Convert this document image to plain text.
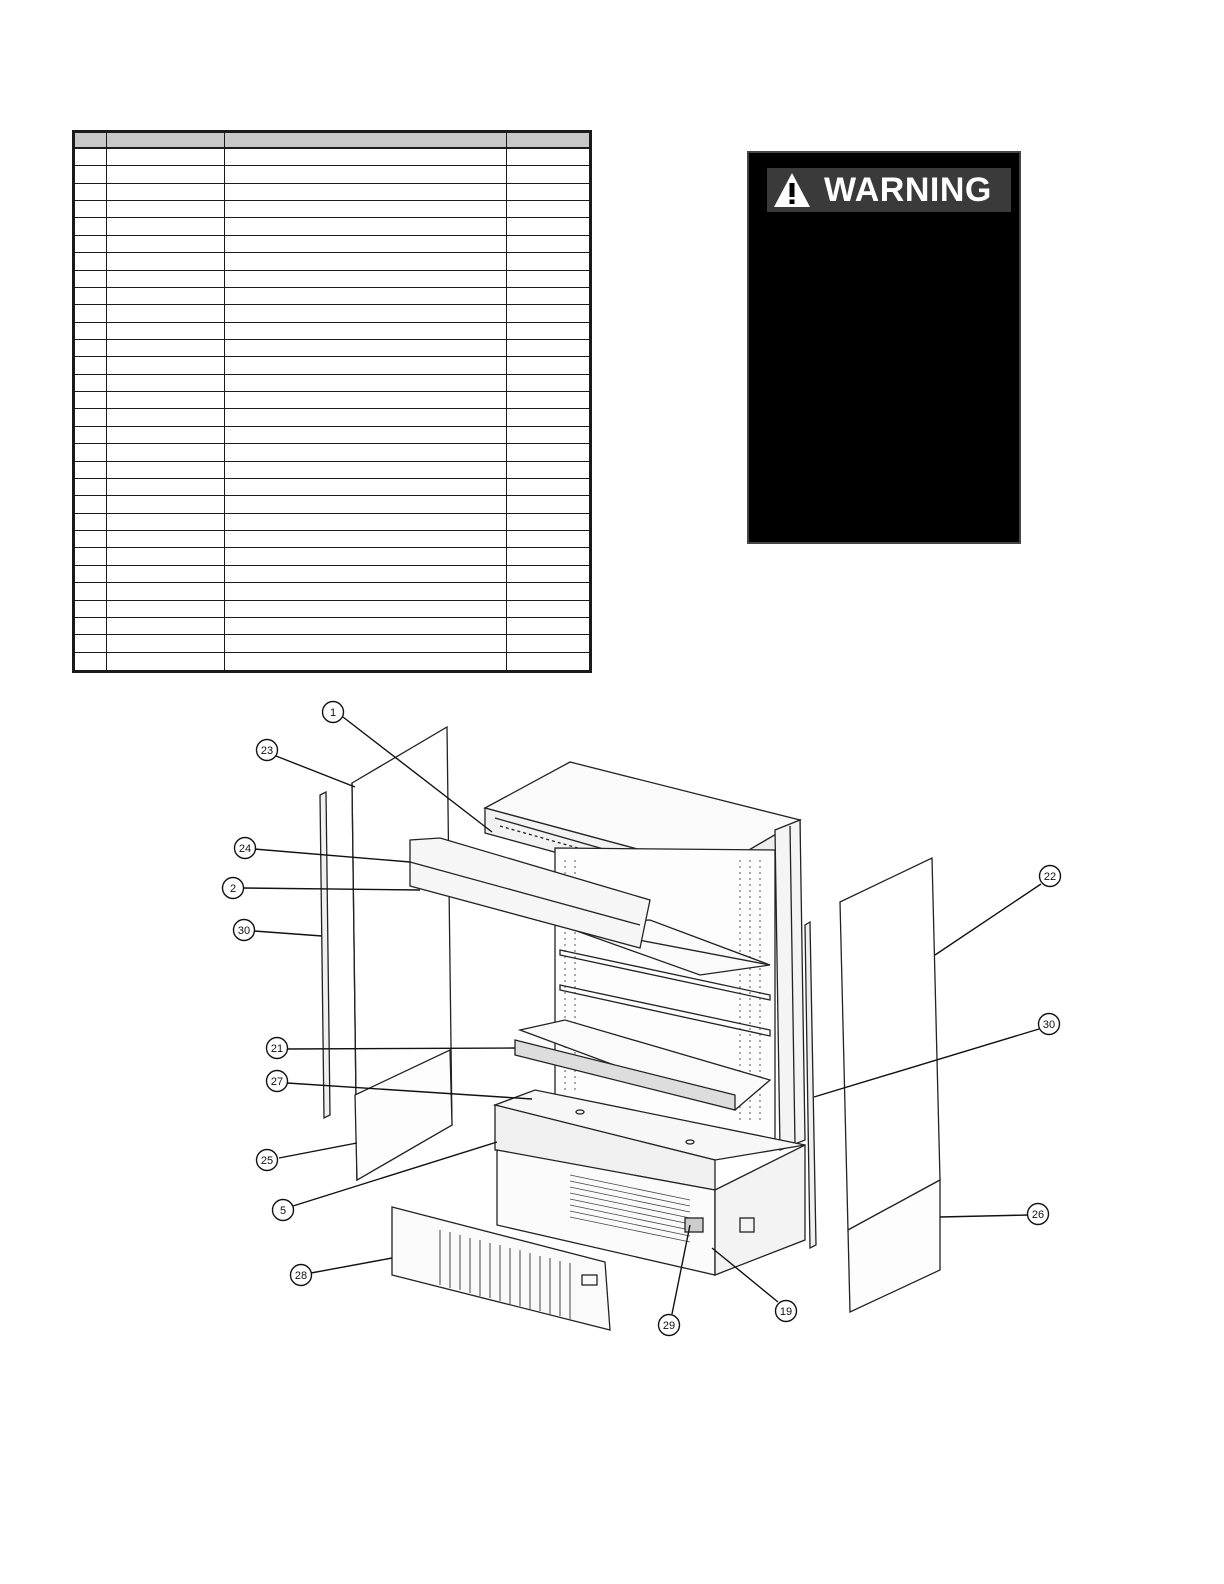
WARNING
1
23
24
2
30
21
27
25
5
28
29
19
22
30
26
